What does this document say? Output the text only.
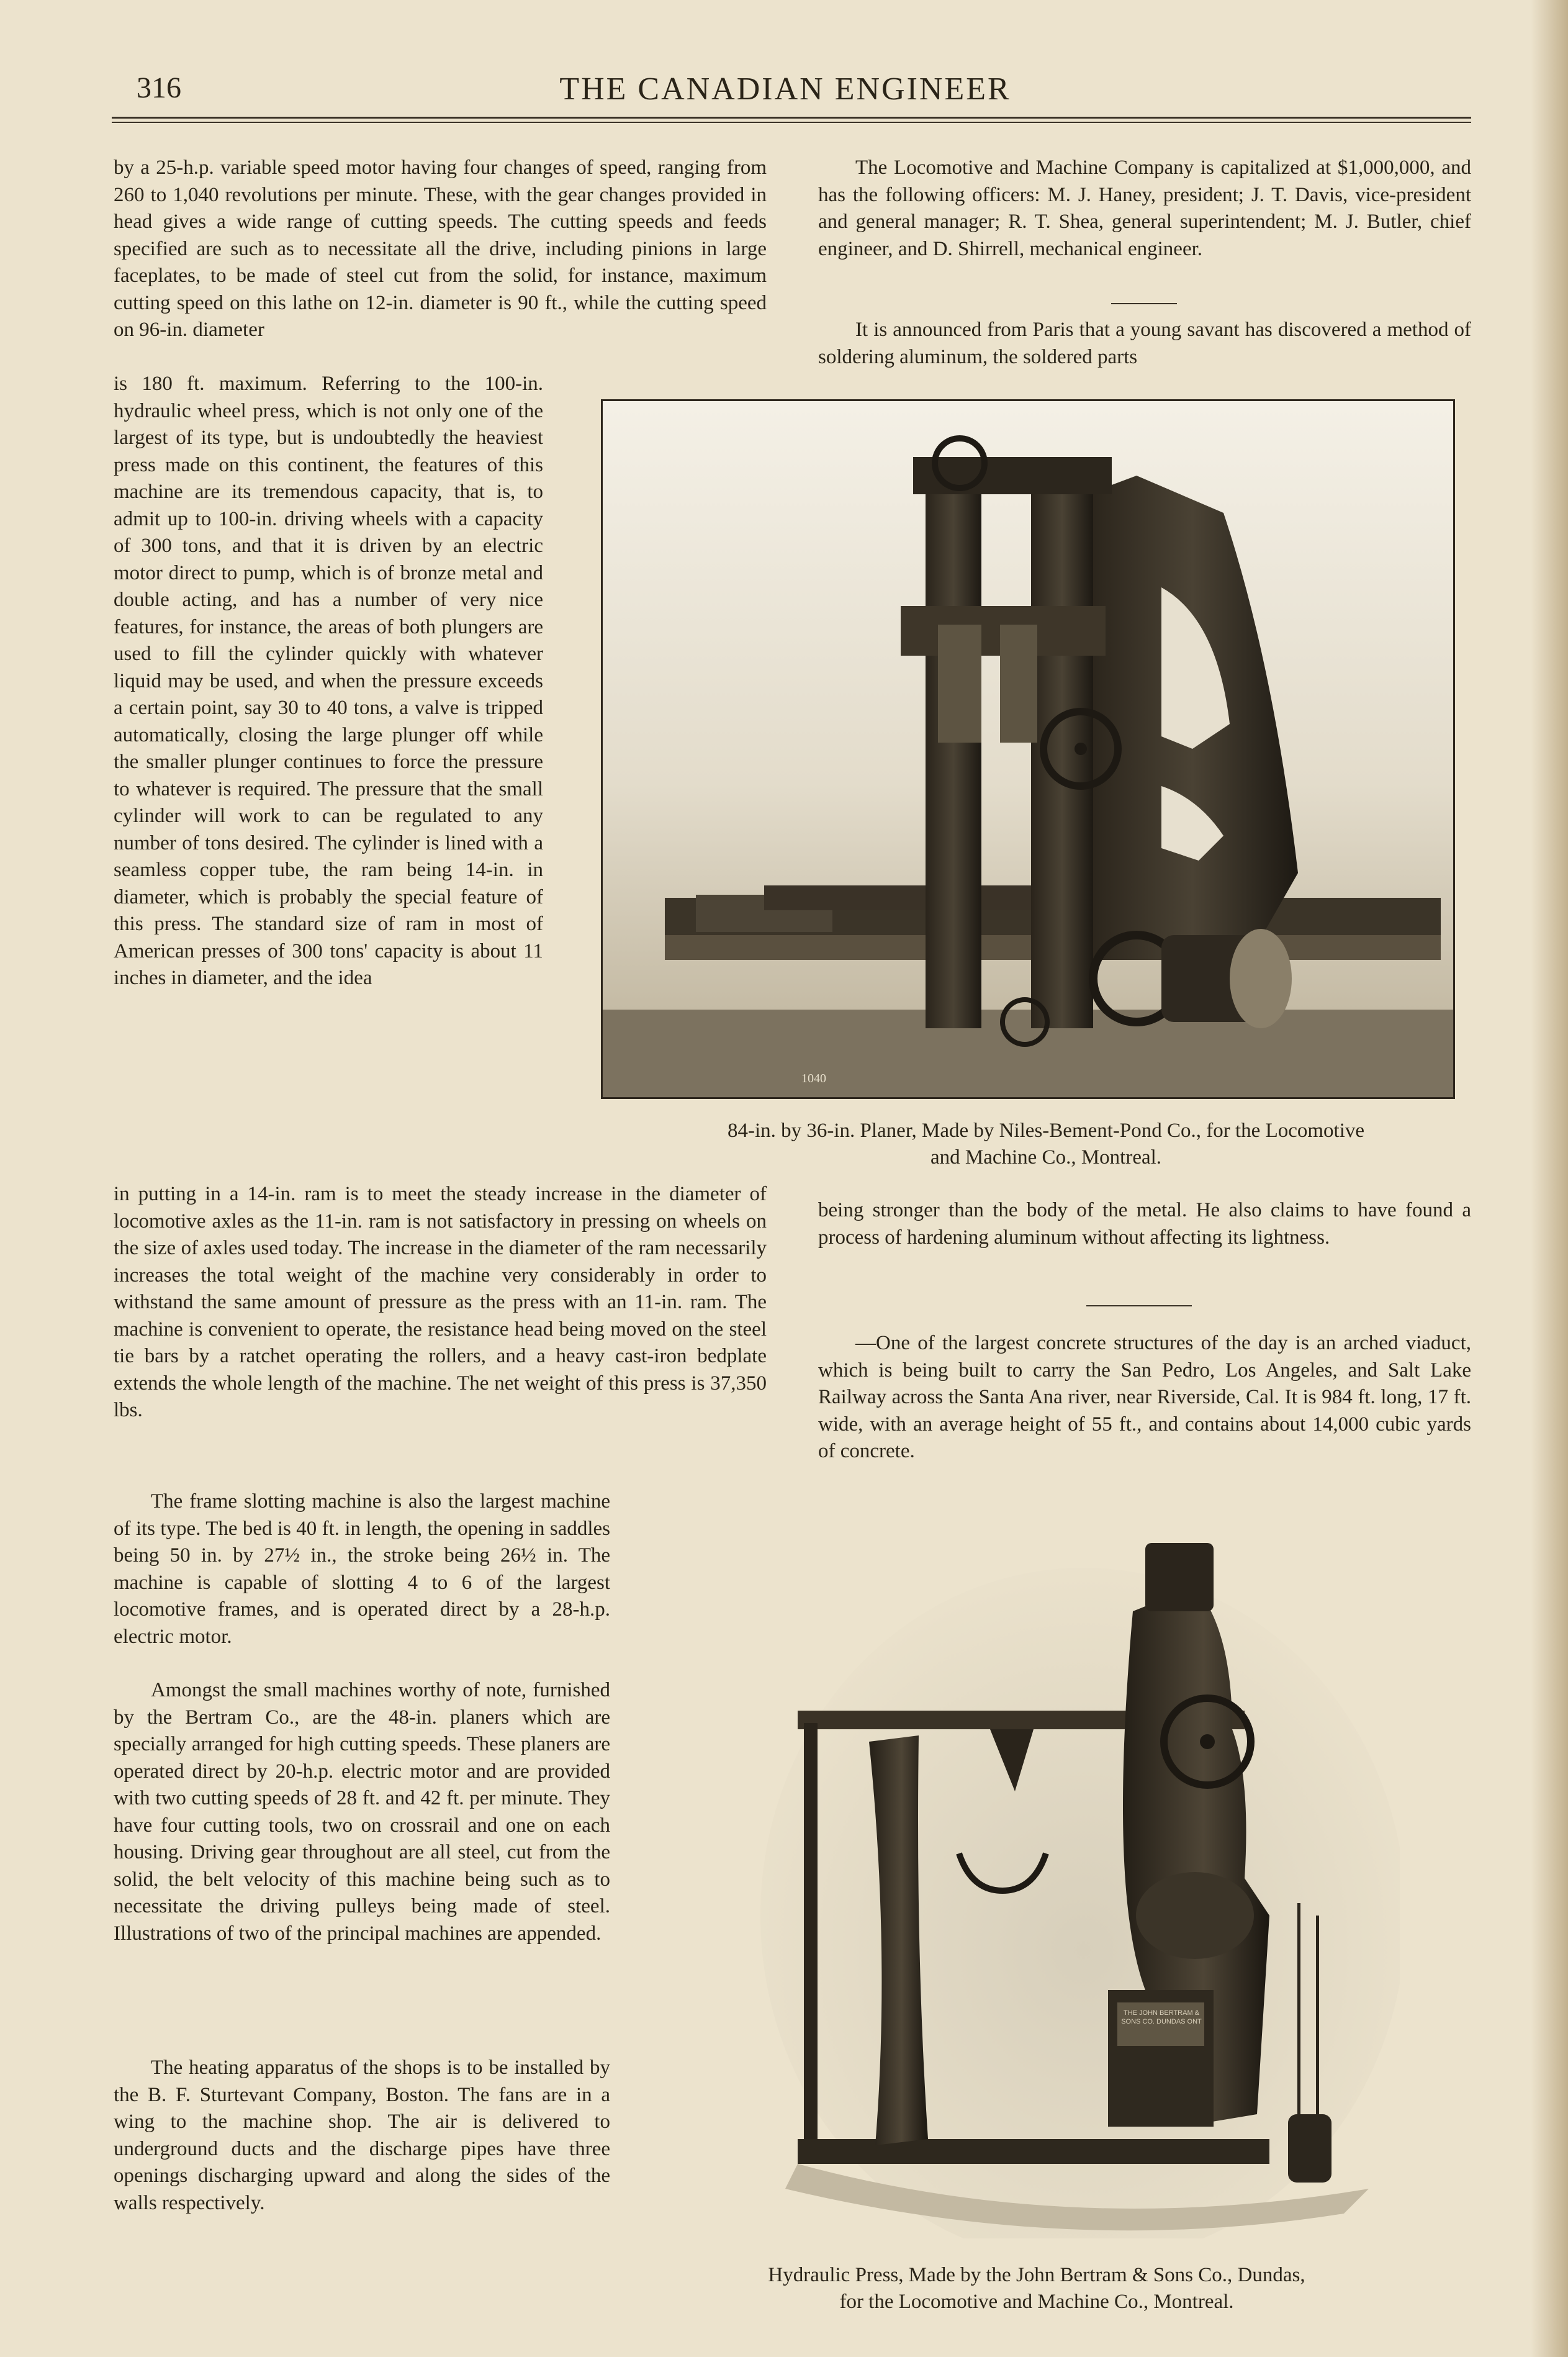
316	THE CANADIAN ENGINEER

by a 25-h.p. variable speed motor having four changes of speed, ranging from 260 to 1,040 revolutions per minute. These, with the gear changes provided in head gives a wide range of cutting speeds. The cutting speeds and feeds specified are such as to necessitate all the drive, including pinions in large faceplates, to be made of steel cut from the solid, for instance, maximum cutting speed on this lathe on 12-in. diameter is 90 ft., while the cutting speed on 96-in. diameter

is 180 ft. maximum. Referring to the 100-in. hydraulic wheel press, which is not only one of the largest of its type, but is undoubtedly the heaviest press made on this continent, the features of this machine are its tremendous capacity, that is, to admit up to 100-in. driving wheels with a capacity of 300 tons, and that it is driven by an electric motor direct to pump, which is of bronze metal and double acting, and has a number of very nice features, for instance, the areas of both plungers are used to fill the cylinder quickly with whatever liquid may be used, and when the pressure exceeds a certain point, say 30 to 40 tons, a valve is tripped automatically, closing the large plunger off while the smaller plunger continues to force the pressure to whatever is required. The pressure that the small cylinder will work to can be regulated to any number of tons desired. The cylinder is lined with a seamless copper tube, the ram being 14-in. in diameter, which is probably the special feature of this press. The standard size of ram in most of American presses of 300 tons' capacity is about 11 inches in diameter, and the idea

in putting in a 14-in. ram is to meet the steady increase in the diameter of locomotive axles as the 11-in. ram is not satisfactory in pressing on wheels on the size of axles used today. The increase in the diameter of the ram necessarily increases the total weight of the machine very considerably in order to withstand the same amount of pressure as the press with an 11-in. ram. The machine is convenient to operate, the resistance head being moved on the steel tie bars by a ratchet operating the rollers, and a heavy cast-iron bedplate extends the whole length of the machine. The net weight of this press is 37,350 lbs.

The frame slotting machine is also the largest machine of its type. The bed is 40 ft. in length, the opening in saddles being 50 in. by 27½ in., the stroke being 26½ in. The machine is capable of slotting 4 to 6 of the largest locomotive frames, and is operated direct by a 28-h.p. electric motor.

Amongst the small machines worthy of note, furnished by the Bertram Co., are the 48-in. planers which are specially arranged for high cutting speeds. These planers are operated direct by 20-h.p. electric motor and are provided with two cutting speeds of 28 ft. and 42 ft. per minute. They have four cutting tools, two on crossrail and one on each housing. Driving gear throughout are all steel, cut from the solid, the belt velocity of this machine being such as to necessitate the driving pulleys being made of steel. Illustrations of two of the principal machines are appended.

The heating apparatus of the shops is to be installed by the B. F. Sturtevant Company, Boston. The fans are in a wing to the machine shop. The air is delivered to underground ducts and the discharge pipes have three openings discharging upward and along the sides of the walls respectively.

The Locomotive and Machine Company is capitalized at $1,000,000, and has the following officers: M. J. Haney, president; J. T. Davis, vice-president and general manager; R. T. Shea, general superintendent; M. J. Butler, chief engineer, and D. Shirrell, mechanical engineer.

It is announced from Paris that a young savant has discovered a method of soldering aluminum, the soldered parts

1040
84-in. by 36-in. Planer, Made by Niles-Bement-Pond Co., for the Locomotive
and Machine Co., Montreal.

being stronger than the body of the metal. He also claims to have found a process of hardening aluminum without affecting its lightness.

—One of the largest concrete structures of the day is an arched viaduct, which is being built to carry the San Pedro, Los Angeles, and Salt Lake Railway across the Santa Ana river, near Riverside, Cal. It is 984 ft. long, 17 ft. wide, with an average height of 55 ft., and contains about 14,000 cubic yards of concrete.

THE JOHN BERTRAM & SONS CO. DUNDAS ONT
Hydraulic Press, Made by the John Bertram & Sons Co., Dundas,
for the Locomotive and Machine Co., Montreal.
